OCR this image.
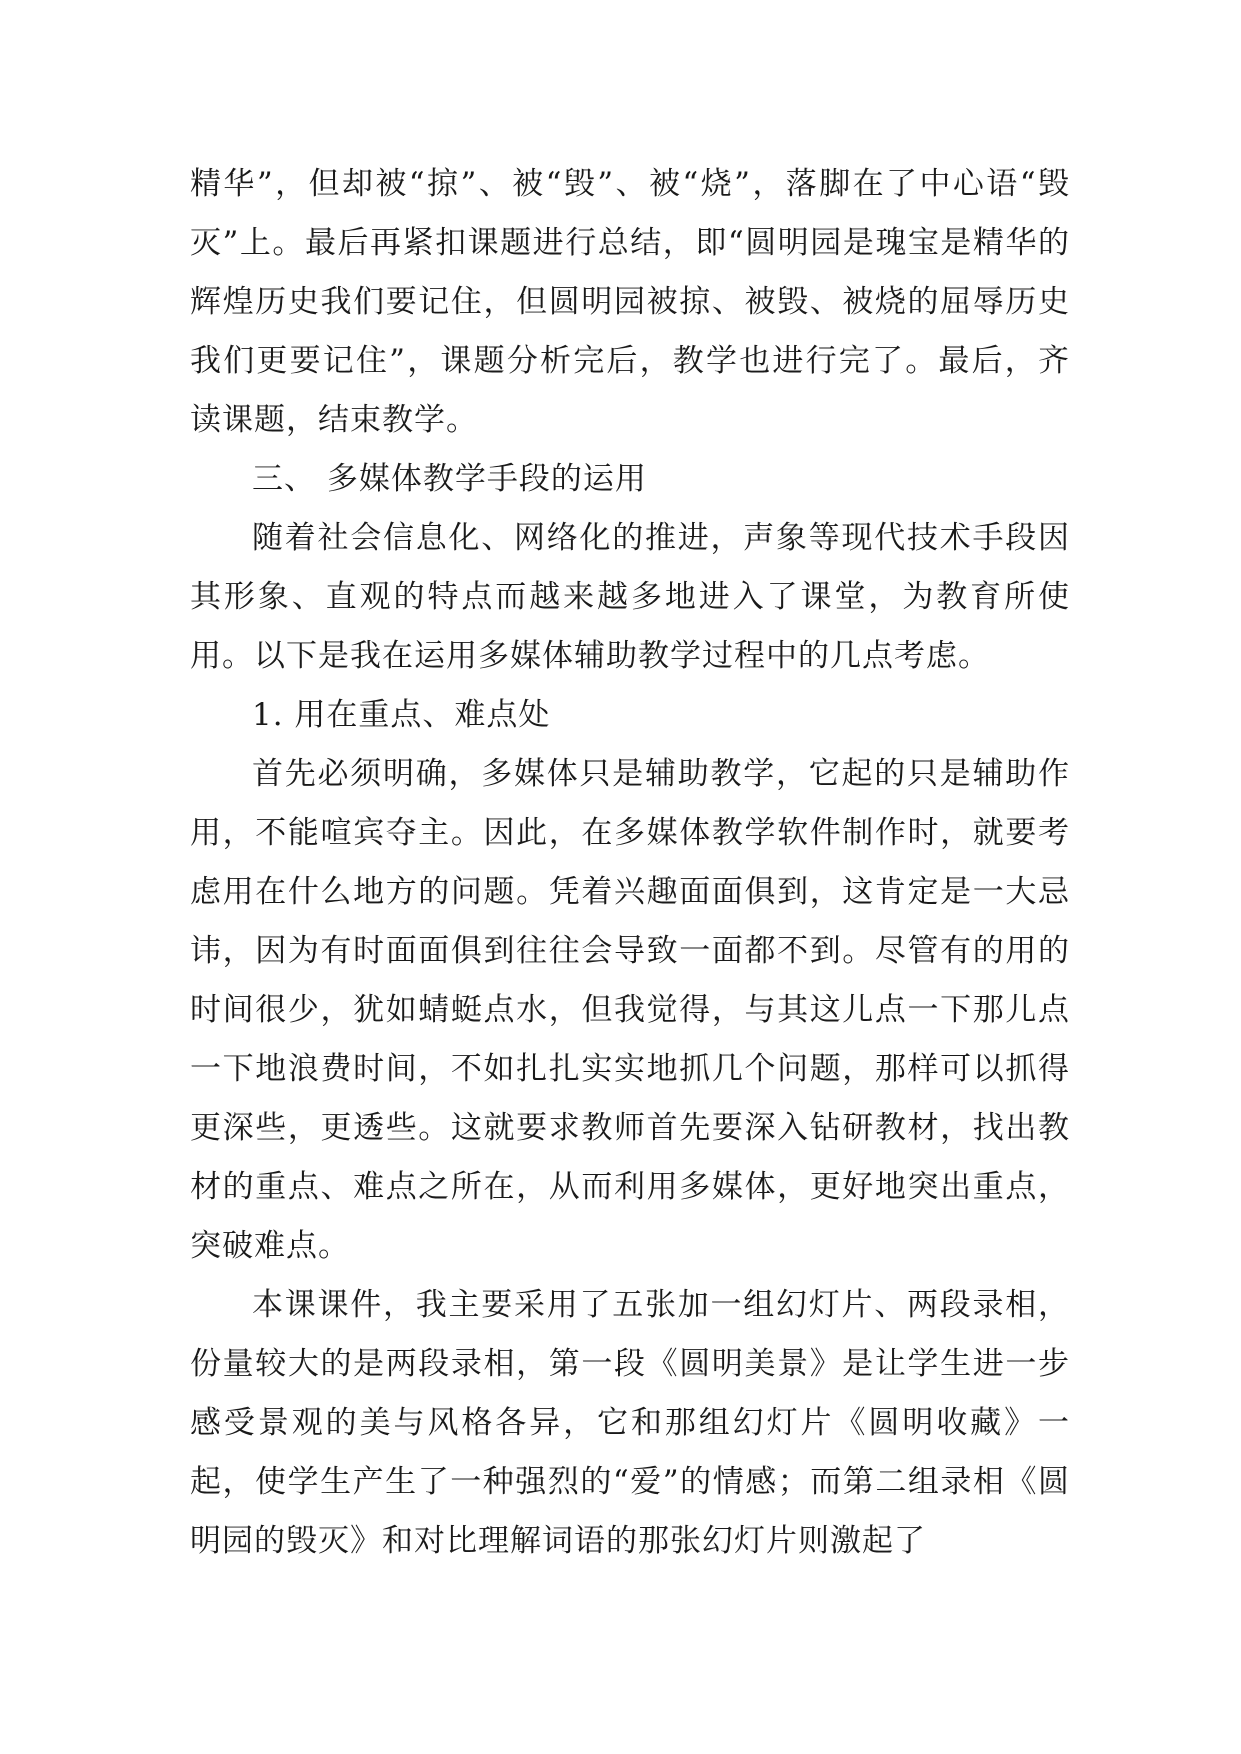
精华”，但却被“掠”、被“毁”、被“烧”，落脚在了中心语“毁灭”上。最后再紧扣课题进行总结，即“圆明园是瑰宝是精华的辉煌历史我们要记住，但圆明园被掠、被毁、被烧的屈辱历史我们更要记住”，课题分析完后，教学也进行完了。最后，齐读课题，结束教学。

三、 多媒体教学手段的运用

随着社会信息化、网络化的推进，声象等现代技术手段因其形象、直观的特点而越来越多地进入了课堂，为教育所使用。以下是我在运用多媒体辅助教学过程中的几点考虑。

1. 用在重点、难点处

首先必须明确，多媒体只是辅助教学，它起的只是辅助作用，不能喧宾夺主。因此，在多媒体教学软件制作时，就要考虑用在什么地方的问题。凭着兴趣面面俱到，这肯定是一大忌讳，因为有时面面俱到往往会导致一面都不到。尽管有的用的时间很少，犹如蜻蜓点水，但我觉得，与其这儿点一下那儿点一下地浪费时间，不如扎扎实实地抓几个问题，那样可以抓得更深些，更透些。这就要求教师首先要深入钻研教材，找出教材的重点、难点之所在，从而利用多媒体，更好地突出重点，突破难点。

本课课件，我主要采用了五张加一组幻灯片、两段录相，份量较大的是两段录相，第一段《圆明美景》是让学生进一步感受景观的美与风格各异，它和那组幻灯片《圆明收藏》一起，使学生产生了一种强烈的“爱”的情感；而第二组录相《圆明园的毁灭》和对比理解词语的那张幻灯片则激起了
